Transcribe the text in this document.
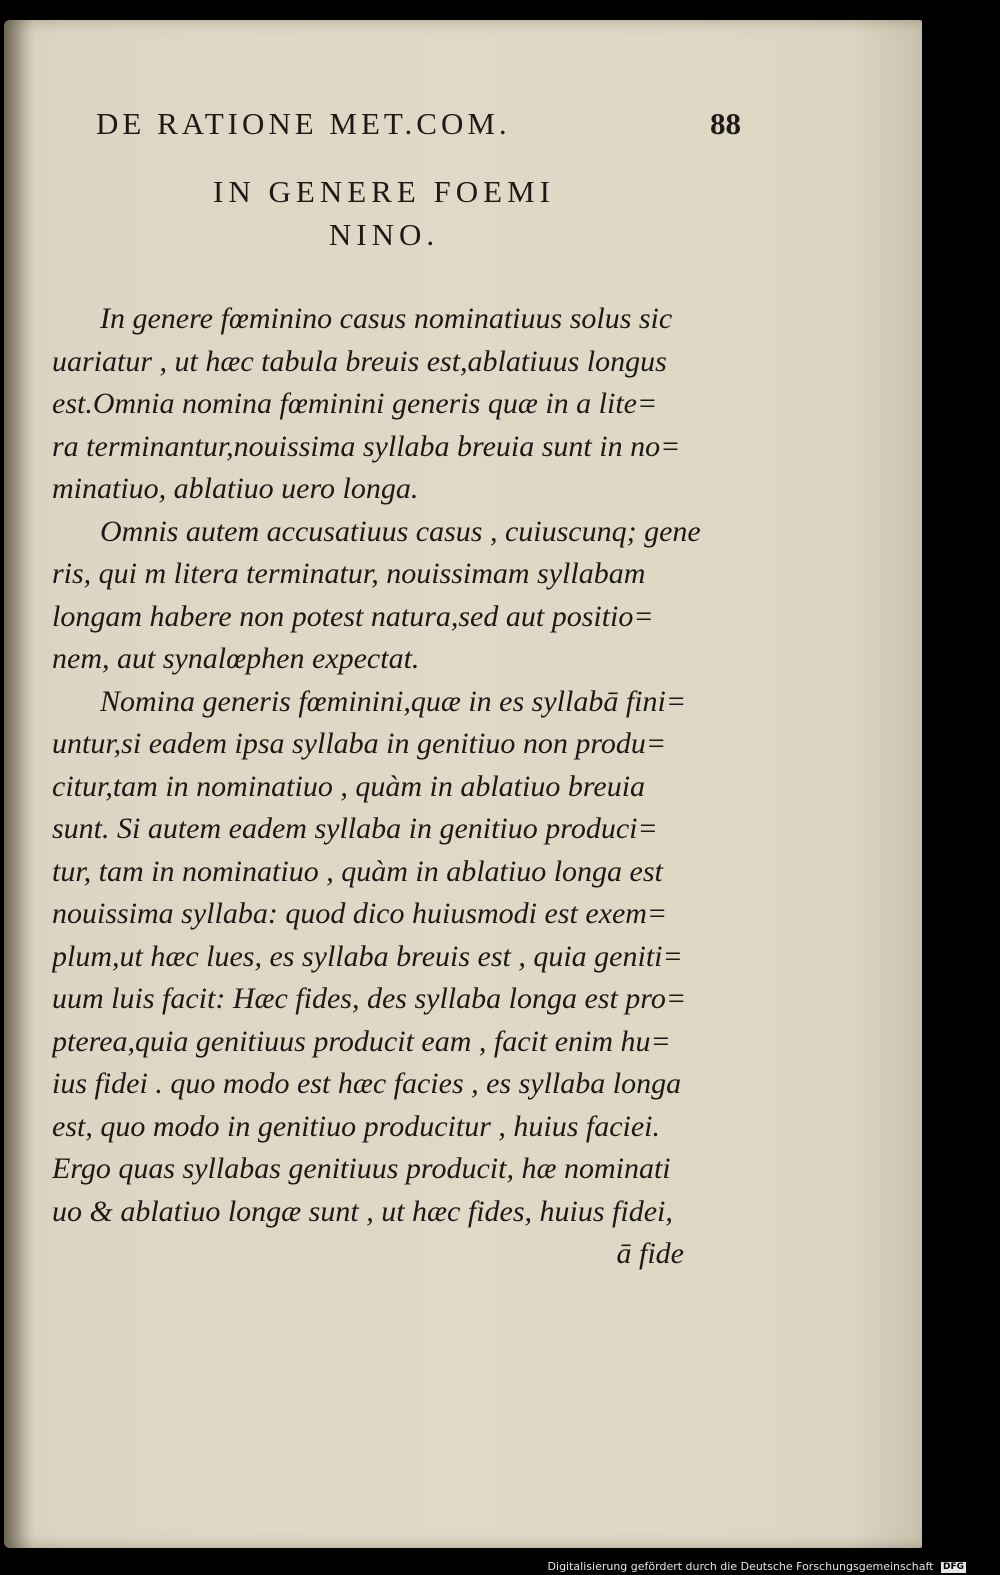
DE RATIONE MET.COM.	88
IN GENERE FOEMI NINO.
In genere fœminino casus nominatiuus solus sic
uariatur , ut hæc tabula breuis est,ablatiuus longus
est.Omnia nomina fœminini generis quæ in a lite=
ra terminantur,nouissima syllaba breuia sunt in no=
minatiuo, ablatiuo uero longa.
Omnis autem accusatiuus casus , cuiuscunq; gene
ris, qui m litera terminatur, nouissimam syllabam
longam habere non potest natura,sed aut positio=
nem, aut synalœphen expectat.
Nomina generis fœminini,quæ in es syllabā fini=
untur,si eadem ipsa syllaba in genitiuo non produ=
citur,tam in nominatiuo , quàm in ablatiuo breuia
sunt. Si autem eadem syllaba in genitiuo produci=
tur, tam in nominatiuo , quàm in ablatiuo longa est
nouissima syllaba: quod dico huiusmodi est exem=
plum,ut hæc lues, es syllaba breuis est , quia geniti=
uum luis facit: Hæc fides, des syllaba longa est pro=
pterea,quia genitiuus producit eam , facit enim hu=
ius fidei . quo modo est hæc facies , es syllaba longa
est, quo modo in genitiuo producitur , huius faciei.
Ergo quas syllabas genitiuus producit, hæ nominati
uo & ablatiuo longæ sunt , ut hæc fides, huius fidei,
ā fide
Digitalisierung gefördert durch die Deutsche Forschungsgemeinschaft DFG
